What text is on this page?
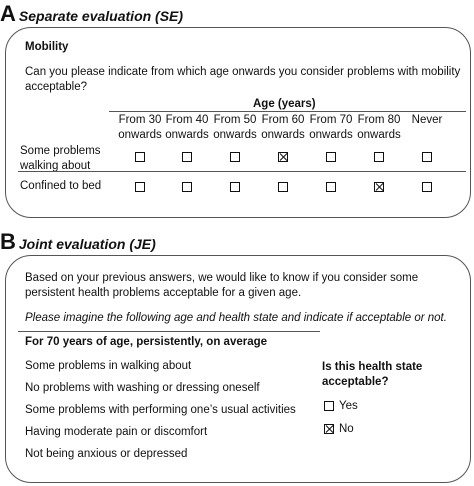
A Separate evaluation (SE)
Mobility
Can you please indicate from which age onwards you consider problems with mobility
acceptable?
Age (years)
From 30
onwards
From 40
onwards
From 50
onwards
From 60
onwards
From 70
onwards
From 80
onwards
Never
Some problems
walking about
Confined to bed
B Joint evaluation (JE)
Based on your previous answers, we would like to know if you consider some
persistent health problems acceptable for a given age.
Please imagine the following age and health state and indicate if acceptable or not.
For 70 years of age, persistently, on average
Some problems in walking about
No problems with washing or dressing oneself
Some problems with performing one’s usual activities
Having moderate pain or discomfort
Not being anxious or depressed
Is this health state
acceptable?
Yes
No
